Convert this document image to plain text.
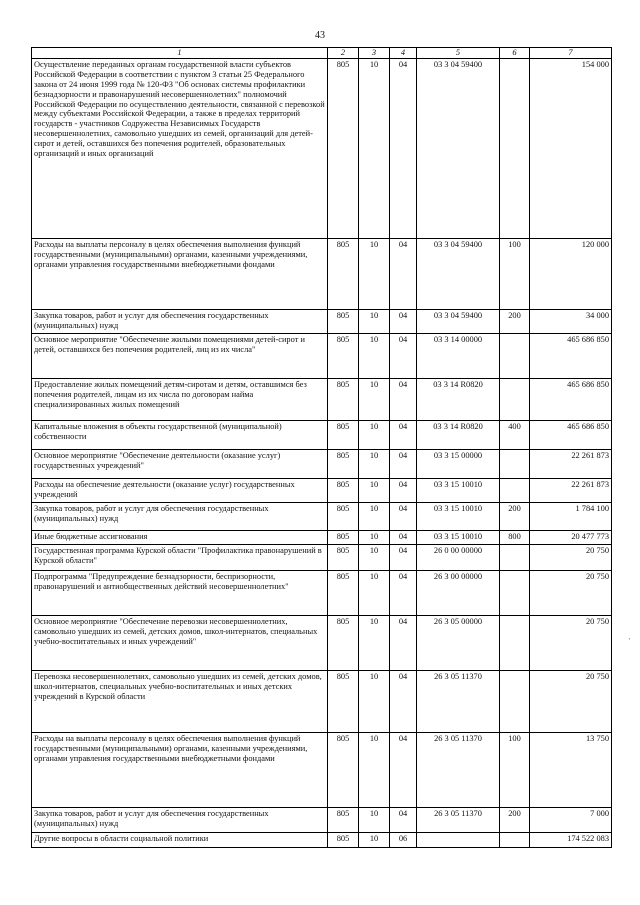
43
1	2	3	4	5	6	7
Осуществление переданных органам государственной власти субъектов Российской Федерации в соответствии с пунктом 3 статьи 25 Федерального закона от 24 июня 1999 года № 120-ФЗ "Об основах системы профилактики безнадзорности и правонарушений несовершеннолетних" полномочий Российской Федерации по осуществлению деятельности, связанной с перевозкой между субъектами Российской Федерации, а также в пределах территорий государств - участников Содружества Независимых Государств несовершеннолетних, самовольно ушедших из семей, организаций для детей-сирот и детей, оставшихся без попечения родителей, образовательных организаций и иных организаций	805	10	04	03 3 04 59400		154 000
Расходы на выплаты персоналу в целях обеспечения выполнения функций государственными (муниципальными) органами, казенными учреждениями, органами управления государственными внебюджетными фондами	805	10	04	03 3 04 59400	100	120 000
Закупка товаров, работ и услуг для обеспечения государственных (муниципальных) нужд	805	10	04	03 3 04 59400	200	34 000
Основное мероприятие "Обеспечение жилыми помещениями детей-сирот и детей, оставшихся без попечения родителей, лиц из их числа"	805	10	04	03 3 14 00000		465 686 850
Предоставление жилых помещений детям-сиротам и детям, оставшимся без попечения родителей, лицам из их числа по договорам найма специализированных жилых помещений	805	10	04	03 3 14 R0820		465 686 850
Капитальные вложения в объекты государственной (муниципальной) собственности	805	10	04	03 3 14 R0820	400	465 686 850
Основное мероприятие "Обеспечение деятельности (оказание услуг) государственных учреждений"	805	10	04	03 3 15 00000		22 261 873
Расходы на обеспечение деятельности (оказание услуг) государственных учреждений	805	10	04	03 3 15 10010		22 261 873
Закупка товаров, работ и услуг для обеспечения государственных (муниципальных) нужд	805	10	04	03 3 15 10010	200	1 784 100
Иные бюджетные ассигнования	805	10	04	03 3 15 10010	800	20 477 773
Государственная программа Курской области "Профилактика правонарушений в Курской области"	805	10	04	26 0 00 00000		20 750
Подпрограмма "Предупреждение безнадзорности, беспризорности, правонарушений и антиобщественных действий несовершеннолетних"	805	10	04	26 3 00 00000		20 750
Основное мероприятие "Обеспечение перевозки несовершеннолетних, самовольно ушедших из семей, детских домов, школ-интернатов, специальных учебно-воспитательных и иных учреждений"	805	10	04	26 3 05 00000		20 750
Перевозка несовершеннолетних, самовольно ушедших из семей, детских домов, школ-интернатов, специальных учебно-воспитательных и иных детских учреждений в Курской области	805	10	04	26 3 05 11370		20 750
Расходы на выплаты персоналу в целях обеспечения выполнения функций государственными (муниципальными) органами, казенными учреждениями, органами управления государственными внебюджетными фондами	805	10	04	26 3 05 11370	100	13 750
Закупка товаров, работ и услуг для обеспечения государственных (муниципальных) нужд	805	10	04	26 3 05 11370	200	7 000
Другие вопросы в области социальной политики	805	10	06			174 522 083
‚
